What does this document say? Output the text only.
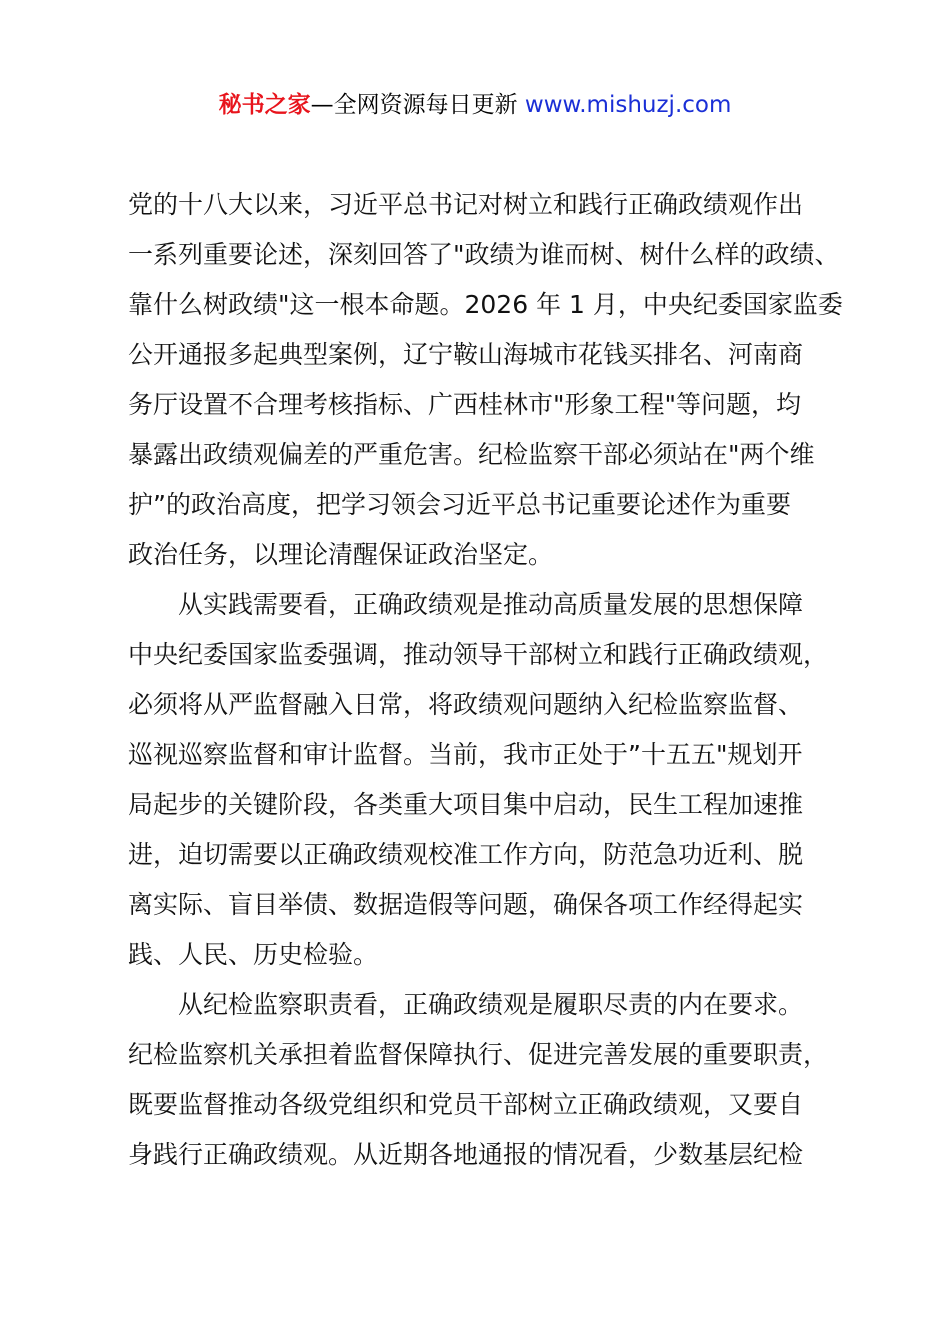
秘书之家—全网资源每日更新 www.mishuzj.com
党的十八大以来，习近平总书记对树立和践行正确政绩观作出
一系列重要论述，深刻回答了"政绩为谁而树、树什么样的政绩、
靠什么树政绩"这一根本命题。2026 年 1 月，中央纪委国家监委
公开通报多起典型案例，辽宁鞍山海城市花钱买排名、河南商
务厅设置不合理考核指标、广西桂林市"形象工程"等问题，均
暴露出政绩观偏差的严重危害。纪检监察干部必须站在"两个维
护”的政治高度，把学习领会习近平总书记重要论述作为重要
政治任务，以理论清醒保证政治坚定。
　　从实践需要看，正确政绩观是推动高质量发展的思想保障
中央纪委国家监委强调，推动领导干部树立和践行正确政绩观，
必须将从严监督融入日常，将政绩观问题纳入纪检监察监督、
巡视巡察监督和审计监督。当前，我市正处于”十五五"规划开
局起步的关键阶段，各类重大项目集中启动，民生工程加速推
进，迫切需要以正确政绩观校准工作方向，防范急功近利、脱
离实际、盲目举债、数据造假等问题，确保各项工作经得起实
践、人民、历史检验。
　　从纪检监察职责看，正确政绩观是履职尽责的内在要求。
纪检监察机关承担着监督保障执行、促进完善发展的重要职责，
既要监督推动各级党组织和党员干部树立正确政绩观，又要自
身践行正确政绩观。从近期各地通报的情况看，少数基层纪检
